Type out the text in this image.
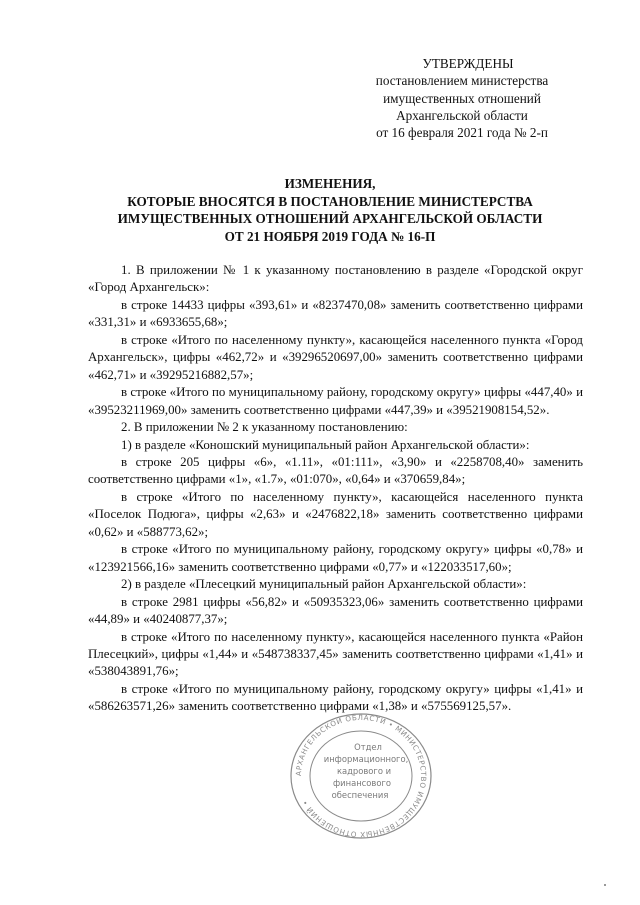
УТВЕРЖДЕНЫ
постановлением министерства
имущественных отношений
Архангельской области
от 16 февраля 2021 года № 2-п
ИЗМЕНЕНИЯ,
КОТОРЫЕ ВНОСЯТСЯ В ПОСТАНОВЛЕНИЕ МИНИСТЕРСТВА
ИМУЩЕСТВЕННЫХ ОТНОШЕНИЙ АРХАНГЕЛЬСКОЙ ОБЛАСТИ
ОТ 21 НОЯБРЯ 2019 ГОДА № 16-П

1. В приложении № 1 к указанному постановлению в разделе «Городской округ «Город Архангельск»:

в строке 14433 цифры «393,61» и «8237470,08» заменить соответственно цифрами «331,31» и «6933655,68»;

в строке «Итого по населенному пункту», касающейся населенного пункта «Город Архангельск», цифры «462,72» и «39296520697,00» заменить соответственно цифрами «462,71» и «39295216882,57»;

в строке «Итого по муниципальному району, городскому округу» цифры «447,40» и «39523211969,00» заменить соответственно цифрами «447,39» и «39521908154,52».

2. В приложении № 2 к указанному постановлению:

1) в разделе «Коношский муниципальный район Архангельской области»:

в строке 205 цифры «6», «1.11», «01:111», «3,90» и «2258708,40» заменить соответственно цифрами «1», «1.7», «01:070», «0,64» и «370659,84»;

в строке «Итого по населенному пункту», касающейся населенного пункта «Поселок Подюга», цифры «2,63» и «2476822,18» заменить соответственно цифрами «0,62» и «588773,62»;

в строке «Итого по муниципальному району, городскому округу» цифры «0,78» и «123921566,16» заменить соответственно цифрами «0,77» и «122033517,60»;

2) в разделе «Плесецкий муниципальный район Архангельской области»:

в строке 2981 цифры «56,82» и «50935323,06» заменить соответственно цифрами «44,89» и «40240877,37»;

в строке «Итого по населенному пункту», касающейся населенного пункта «Район Плесецкий», цифры «1,44» и «548738337,45» заменить соответственно цифрами «1,41» и «538043891,76»;

в строке «Итого по муниципальному району, городскому округу» цифры «1,41» и «586263571,26» заменить соответственно цифрами «1,38» и «575569125,57».

АРХАНГЕЛЬСКОЙ ОБЛАСТИ • МИНИСТЕРСТВО ИМУЩЕСТВЕННЫХ ОТНОШЕНИЙ •
Отдел
информационного,
кадрового и
финансового
обеспечения
